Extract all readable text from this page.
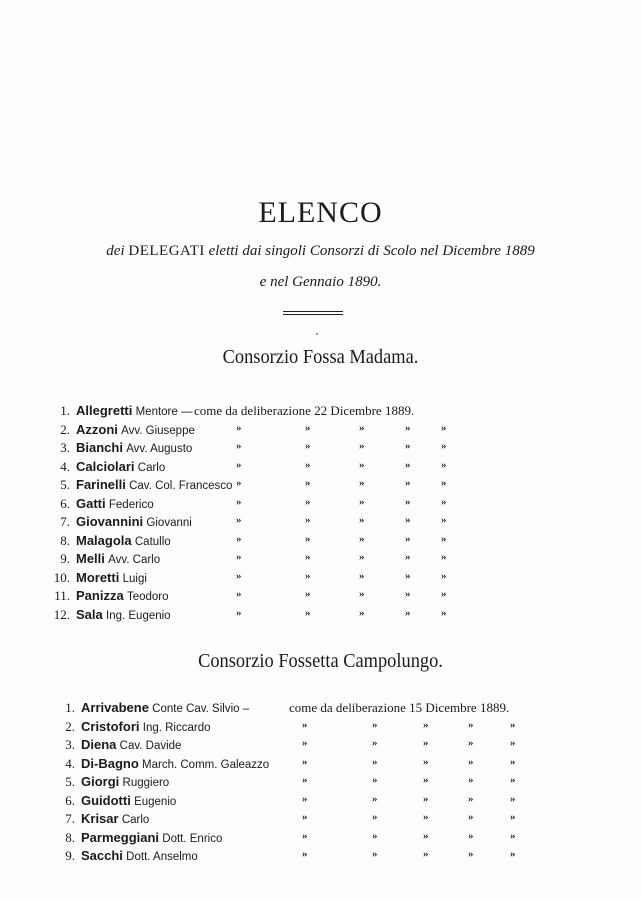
ELENCO
dei DELEGATI eletti dai singoli Consorzi di Scolo nel Dicembre 1889
e nel Gennaio 1890.
Consorzio Fossa Madama.
Consorzio Fossetta Campolungo.
1. Allegretti Mentore — come da deliberazione 22 Dicembre 1889.
2. Azzoni Avv. Giuseppe	»	»	»	»	»
3. Bianchi Avv. Augusto	»	»	»	»	»
4. Calciolari Carlo	»	»	»	»	»
5. Farinelli Cav. Col. Francesco »	»	»	»	»
6. Gatti Federico	»	»	»	»	»
7. Giovannini Giovanni	»	»	»	»	»
8. Malagola Catullo	»	»	»	»	»
9. Melli Avv. Carlo	»	»	»	»	»
10. Moretti Luigi	»	»	»	»	»
11. Panizza Teodoro	»	»	»	»	»
12. Sala Ing. Eugenio	»	»	»	»	»
1. Arrivabene Conte Cav. Silvio –	come da deliberazione 15 Dicembre 1889.
2. Cristofori Ing. Riccardo	»	»	»	»	»
3. Diena Cav. Davide	»	»	»	»	»
4. Di-Bagno March. Comm. Galeazzo	»	»	»	»	»
5. Giorgi Ruggiero	»	»	»	»	»
6. Guidotti Eugenio	»	»	»	»	»
7. Krisar Carlo	»	»	»	»	»
8. Parmeggiani Dott. Enrico	»	»	»	»	»
9. Sacchi Dott. Anselmo	»	»	»	»	»
